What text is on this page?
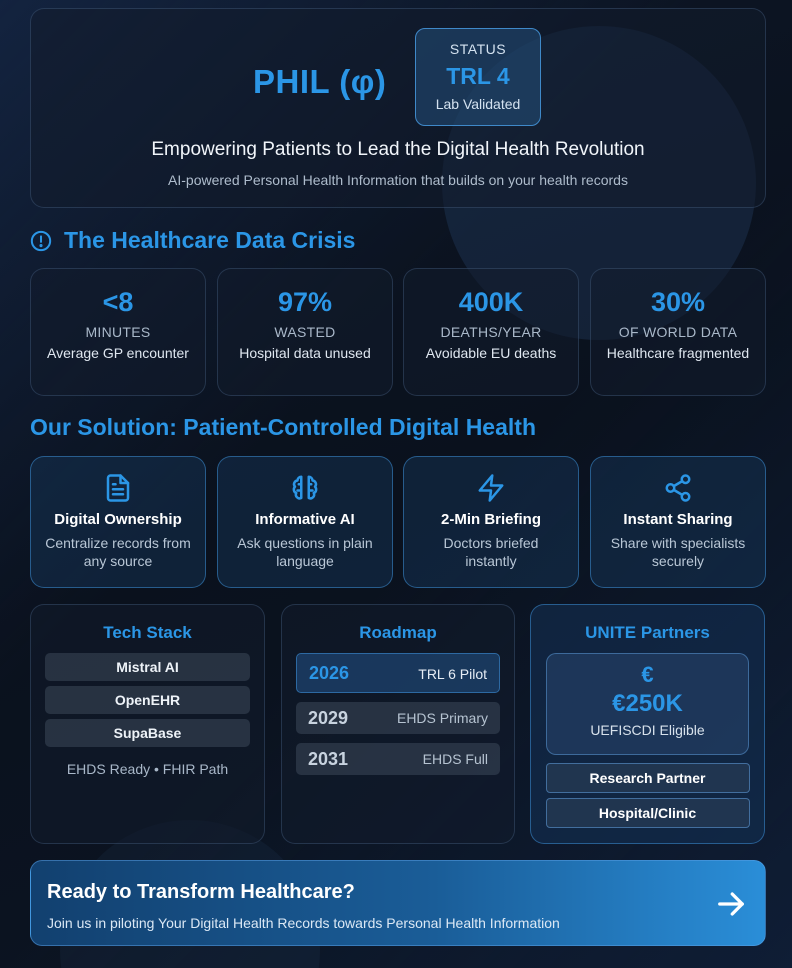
PHIL (φ)
STATUS
TRL 4
Lab Validated
Empowering Patients to Lead the Digital Health Revolution
AI-powered Personal Health Information that builds on your health records
The Healthcare Data Crisis
<8
MINUTES
Average GP encounter
97%
WASTED
Hospital data unused
400K
DEATHS/YEAR
Avoidable EU deaths
30%
OF WORLD DATA
Healthcare fragmented
Our Solution: Patient-Controlled Digital Health
Digital Ownership
Centralize records from any source
Informative AI
Ask questions in plain language
2-Min Briefing
Doctors briefed instantly
Instant Sharing
Share with specialists securely
Tech Stack
Mistral AI
OpenEHR
SupaBase
EHDS Ready • FHIR Path
Roadmap
2026	TRL 6 Pilot
2029	EHDS Primary
2031	EHDS Full
UNITE Partners
€
€250K
UEFISCDI Eligible
Research Partner
Hospital/Clinic
Ready to Transform Healthcare?
Join us in piloting Your Digital Health Records towards Personal Health Information
